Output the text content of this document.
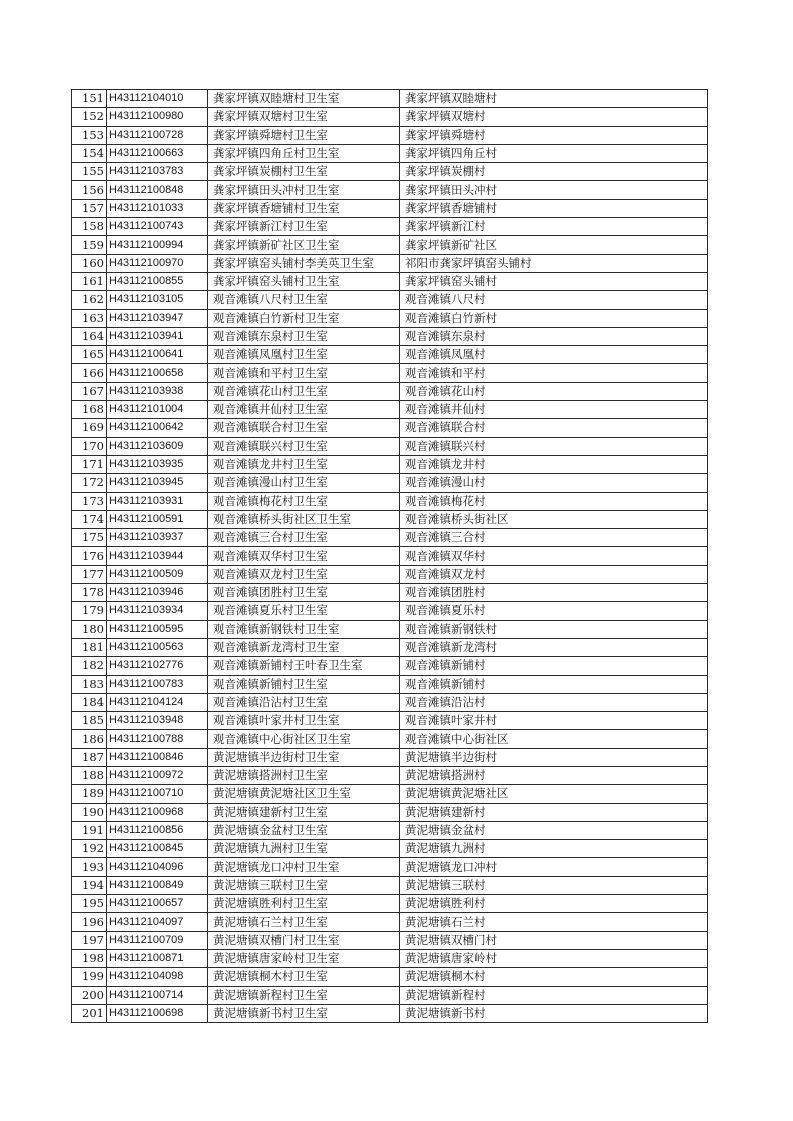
151	H43112104010	龚家坪镇双睦塘村卫生室	龚家坪镇双睦塘村
152	H43112100980	龚家坪镇双塘村卫生室	龚家坪镇双塘村
153	H43112100728	龚家坪镇舜塘村卫生室	龚家坪镇舜塘村
154	H43112100663	龚家坪镇四角丘村卫生室	龚家坪镇四角丘村
155	H43112103783	龚家坪镇炭棚村卫生室	龚家坪镇炭棚村
156	H43112100848	龚家坪镇田头冲村卫生室	龚家坪镇田头冲村
157	H43112101033	龚家坪镇香塘铺村卫生室	龚家坪镇香塘铺村
158	H43112100743	龚家坪镇新江村卫生室	龚家坪镇新江村
159	H43112100994	龚家坪镇新矿社区卫生室	龚家坪镇新矿社区
160	H43112100970	龚家坪镇窑头铺村李美英卫生室	祁阳市龚家坪镇窑头铺村
161	H43112100855	龚家坪镇窑头铺村卫生室	龚家坪镇窑头铺村
162	H43112103105	观音滩镇八尺村卫生室	观音滩镇八尺村
163	H43112103947	观音滩镇白竹新村卫生室	观音滩镇白竹新村
164	H43112103941	观音滩镇东泉村卫生室	观音滩镇东泉村
165	H43112100641	观音滩镇凤凰村卫生室	观音滩镇凤凰村
166	H43112100658	观音滩镇和平村卫生室	观音滩镇和平村
167	H43112103938	观音滩镇花山村卫生室	观音滩镇花山村
168	H43112101004	观音滩镇井仙村卫生室	观音滩镇井仙村
169	H43112100642	观音滩镇联合村卫生室	观音滩镇联合村
170	H43112103609	观音滩镇联兴村卫生室	观音滩镇联兴村
171	H43112103935	观音滩镇龙井村卫生室	观音滩镇龙井村
172	H43112103945	观音滩镇漫山村卫生室	观音滩镇漫山村
173	H43112103931	观音滩镇梅花村卫生室	观音滩镇梅花村
174	H43112100591	观音滩镇桥头街社区卫生室	观音滩镇桥头街社区
175	H43112103937	观音滩镇三合村卫生室	观音滩镇三合村
176	H43112103944	观音滩镇双华村卫生室	观音滩镇双华村
177	H43112100509	观音滩镇双龙村卫生室	观音滩镇双龙村
178	H43112103946	观音滩镇团胜村卫生室	观音滩镇团胜村
179	H43112103934	观音滩镇夏乐村卫生室	观音滩镇夏乐村
180	H43112100595	观音滩镇新钢铁村卫生室	观音滩镇新钢铁村
181	H43112100563	观音滩镇新龙湾村卫生室	观音滩镇新龙湾村
182	H43112102776	观音滩镇新铺村王叶春卫生室	观音滩镇新铺村
183	H43112100783	观音滩镇新铺村卫生室	观音滩镇新铺村
184	H43112104124	观音滩镇沿沾村卫生室	观音滩镇沿沾村
185	H43112103948	观音滩镇叶家井村卫生室	观音滩镇叶家井村
186	H43112100788	观音滩镇中心街社区卫生室	观音滩镇中心街社区
187	H43112100846	黄泥塘镇半边街村卫生室	黄泥塘镇半边街村
188	H43112100972	黄泥塘镇搭洲村卫生室	黄泥塘镇搭洲村
189	H43112100710	黄泥塘镇黄泥塘社区卫生室	黄泥塘镇黄泥塘社区
190	H43112100968	黄泥塘镇建新村卫生室	黄泥塘镇建新村
191	H43112100856	黄泥塘镇金盆村卫生室	黄泥塘镇金盆村
192	H43112100845	黄泥塘镇九洲村卫生室	黄泥塘镇九洲村
193	H43112104096	黄泥塘镇龙口冲村卫生室	黄泥塘镇龙口冲村
194	H43112100849	黄泥塘镇三联村卫生室	黄泥塘镇三联村
195	H43112100657	黄泥塘镇胜利村卫生室	黄泥塘镇胜利村
196	H43112104097	黄泥塘镇石兰村卫生室	黄泥塘镇石兰村
197	H43112100709	黄泥塘镇双槽门村卫生室	黄泥塘镇双槽门村
198	H43112100871	黄泥塘镇唐家岭村卫生室	黄泥塘镇唐家岭村
199	H43112104098	黄泥塘镇桐木村卫生室	黄泥塘镇桐木村
200	H43112100714	黄泥塘镇新程村卫生室	黄泥塘镇新程村
201	H43112100698	黄泥塘镇新书村卫生室	黄泥塘镇新书村
